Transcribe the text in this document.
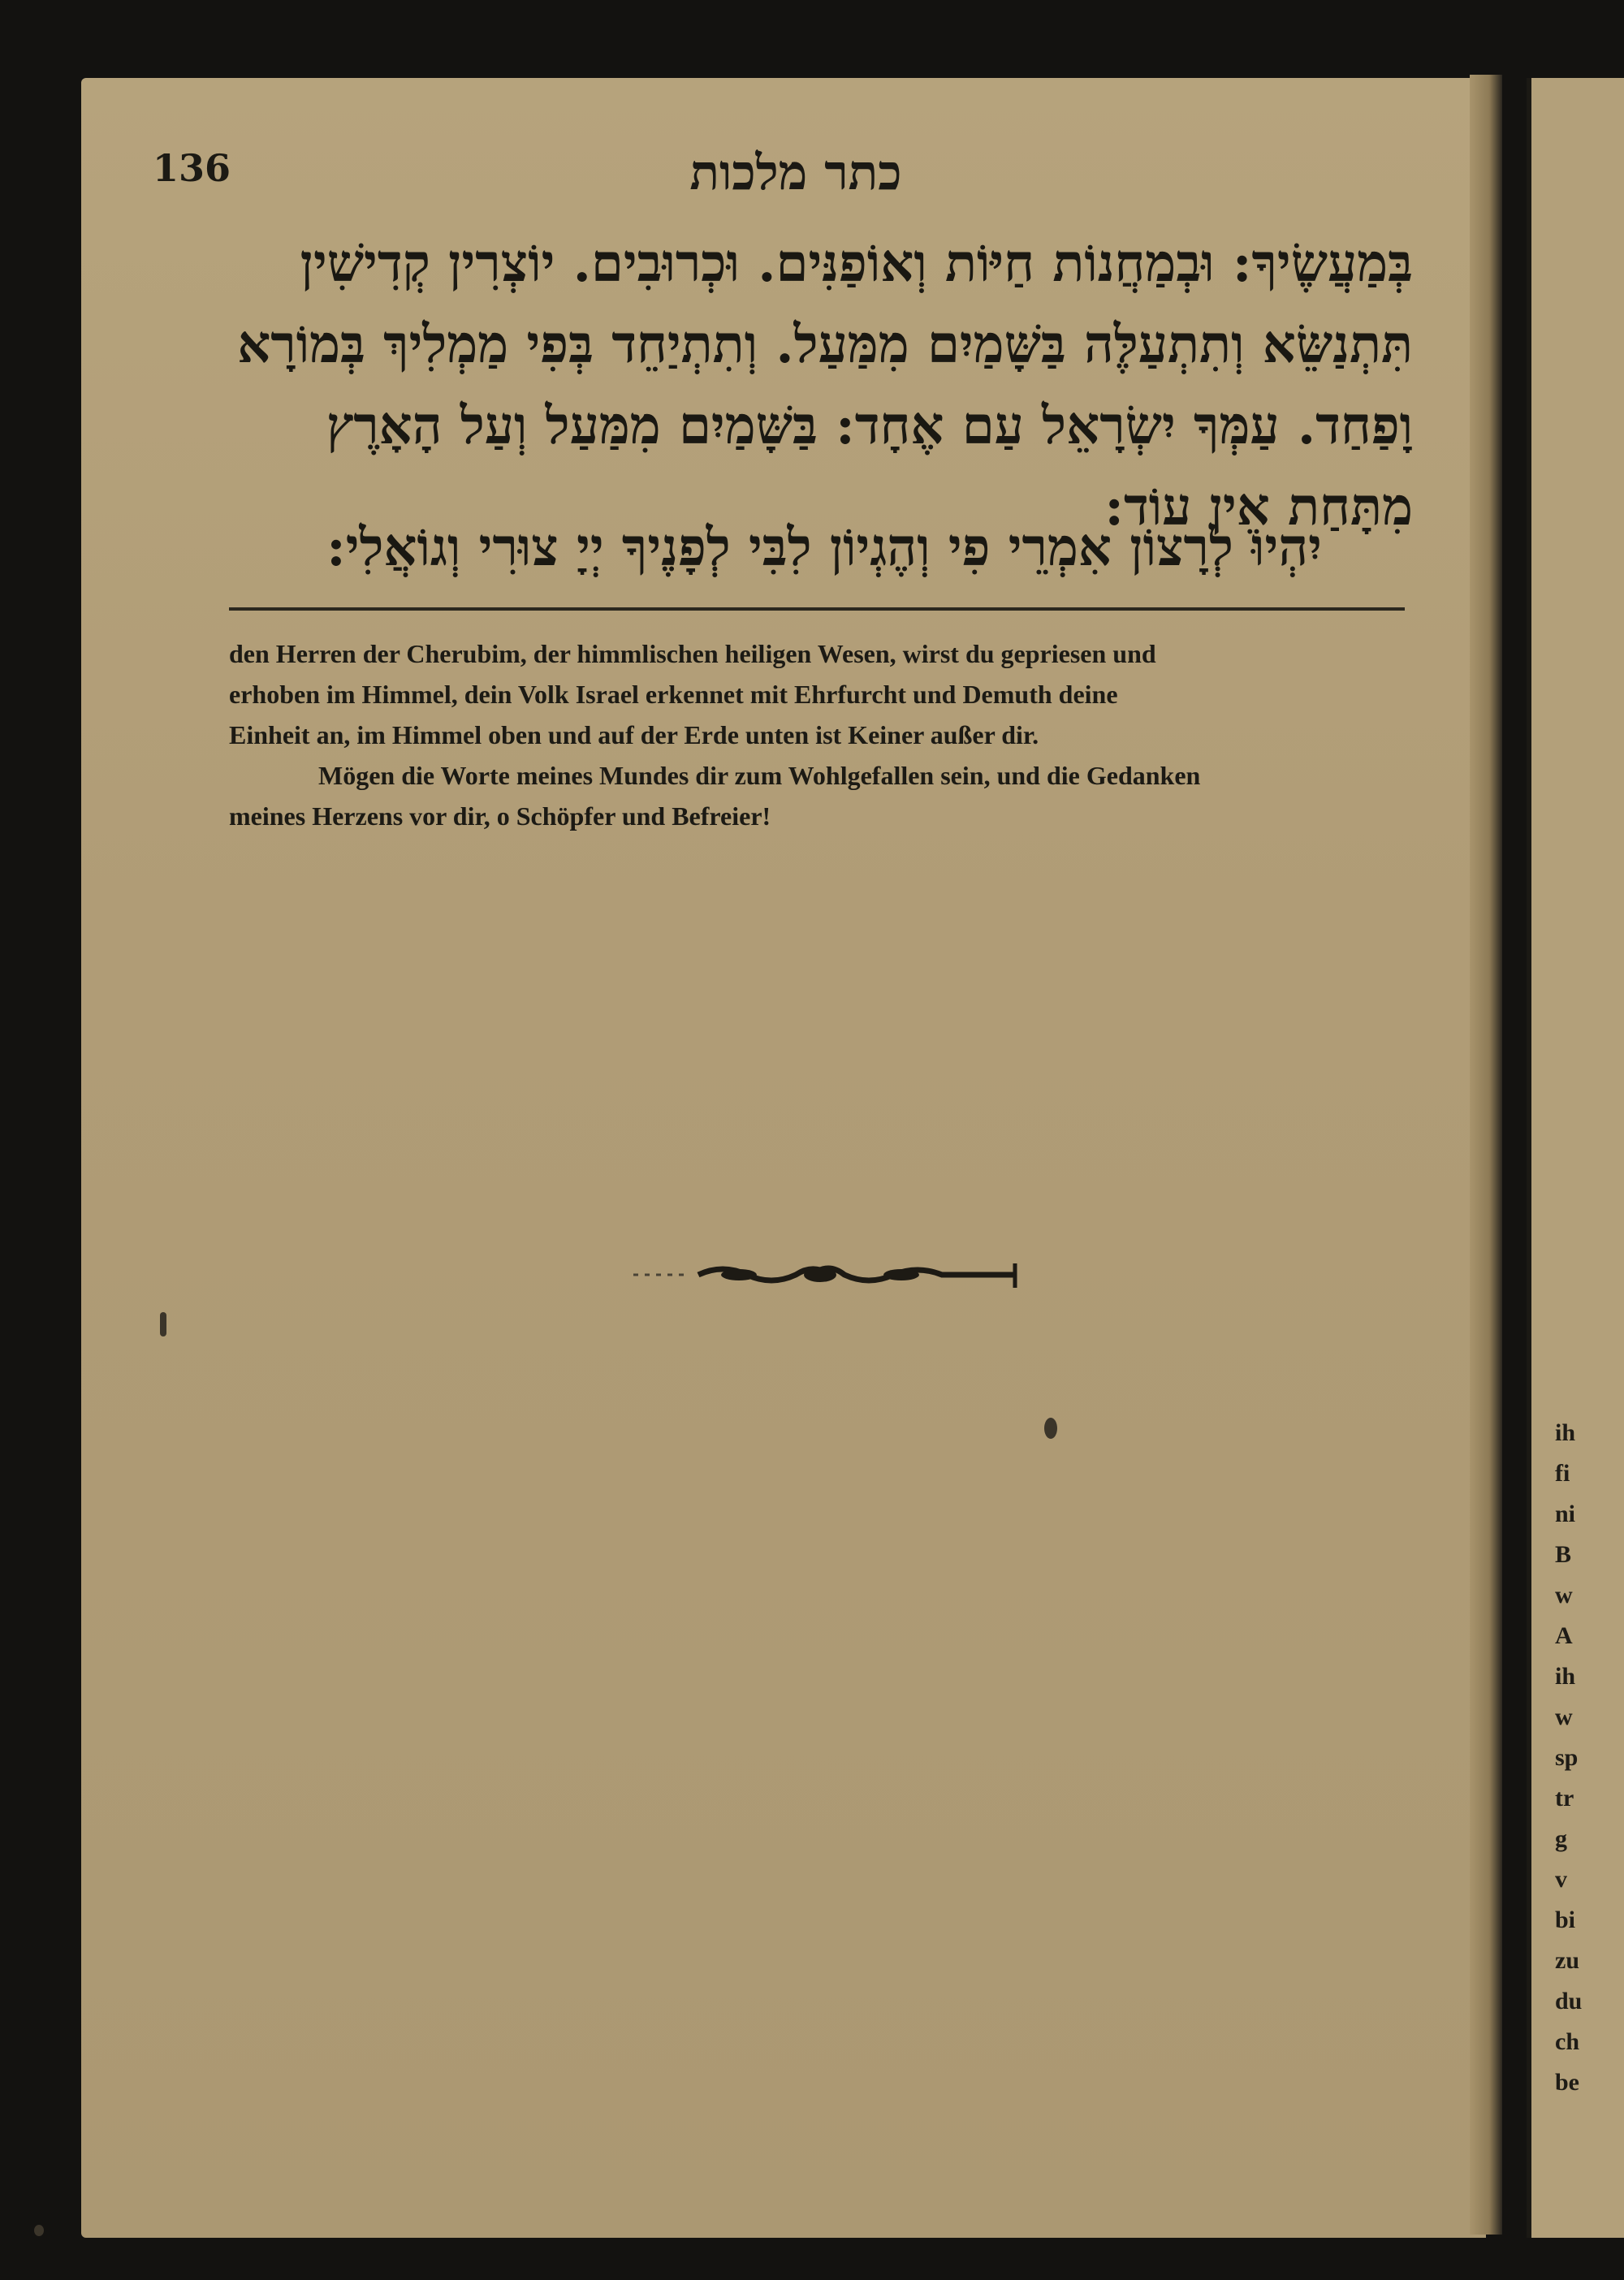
136	כתר מלכות
בְּמַעֲשֶׂיךָ: וּבְמַחֲנוֹת חַיּוֹת וְאוֹפַנִּים. וּכְרוּבִים. יוֹצְרִין קְדִישִׁין
תִּתְנַשֵּׂא וְתִתְעַלֶּה בַּשָּׁמַיִם מִמַּעַל. וְתִתְיַחֵד בְּפִי מַמְלִיךְ בְּמוֹרָא
וָפַחַד. עַמְּךָ יִשְׂרָאֵל עַם אֶחָד: בַּשָּׁמַיִם מִמַּעַל וְעַל הָאָרֶץ
מִתָּחַת אֵין עוֹד:
יִהְיוּ לְרָצוֹן אִמְרֵי פִי וְהֶגְיוֹן לִבִּי לְפָנֶיךָ יְיָ צוּרִי וְגוֹאֲלִי:
den Herren der Cherubim, der himmlischen heiligen Wesen, wirst du gepriesen und
erhoben im Himmel, dein Volk Israel erkennet mit Ehrfurcht und Demuth deine
Einheit an, im Himmel oben und auf der Erde unten ist Keiner außer dir.
Mögen die Worte meines Mundes dir zum Wohlgefallen sein, und die Gedanken
meines Herzens vor dir, o Schöpfer und Befreier!
ih
fi
ni
B
w
A
ih
w
sp
tr
g
v
bi
zu
du
ch
be
